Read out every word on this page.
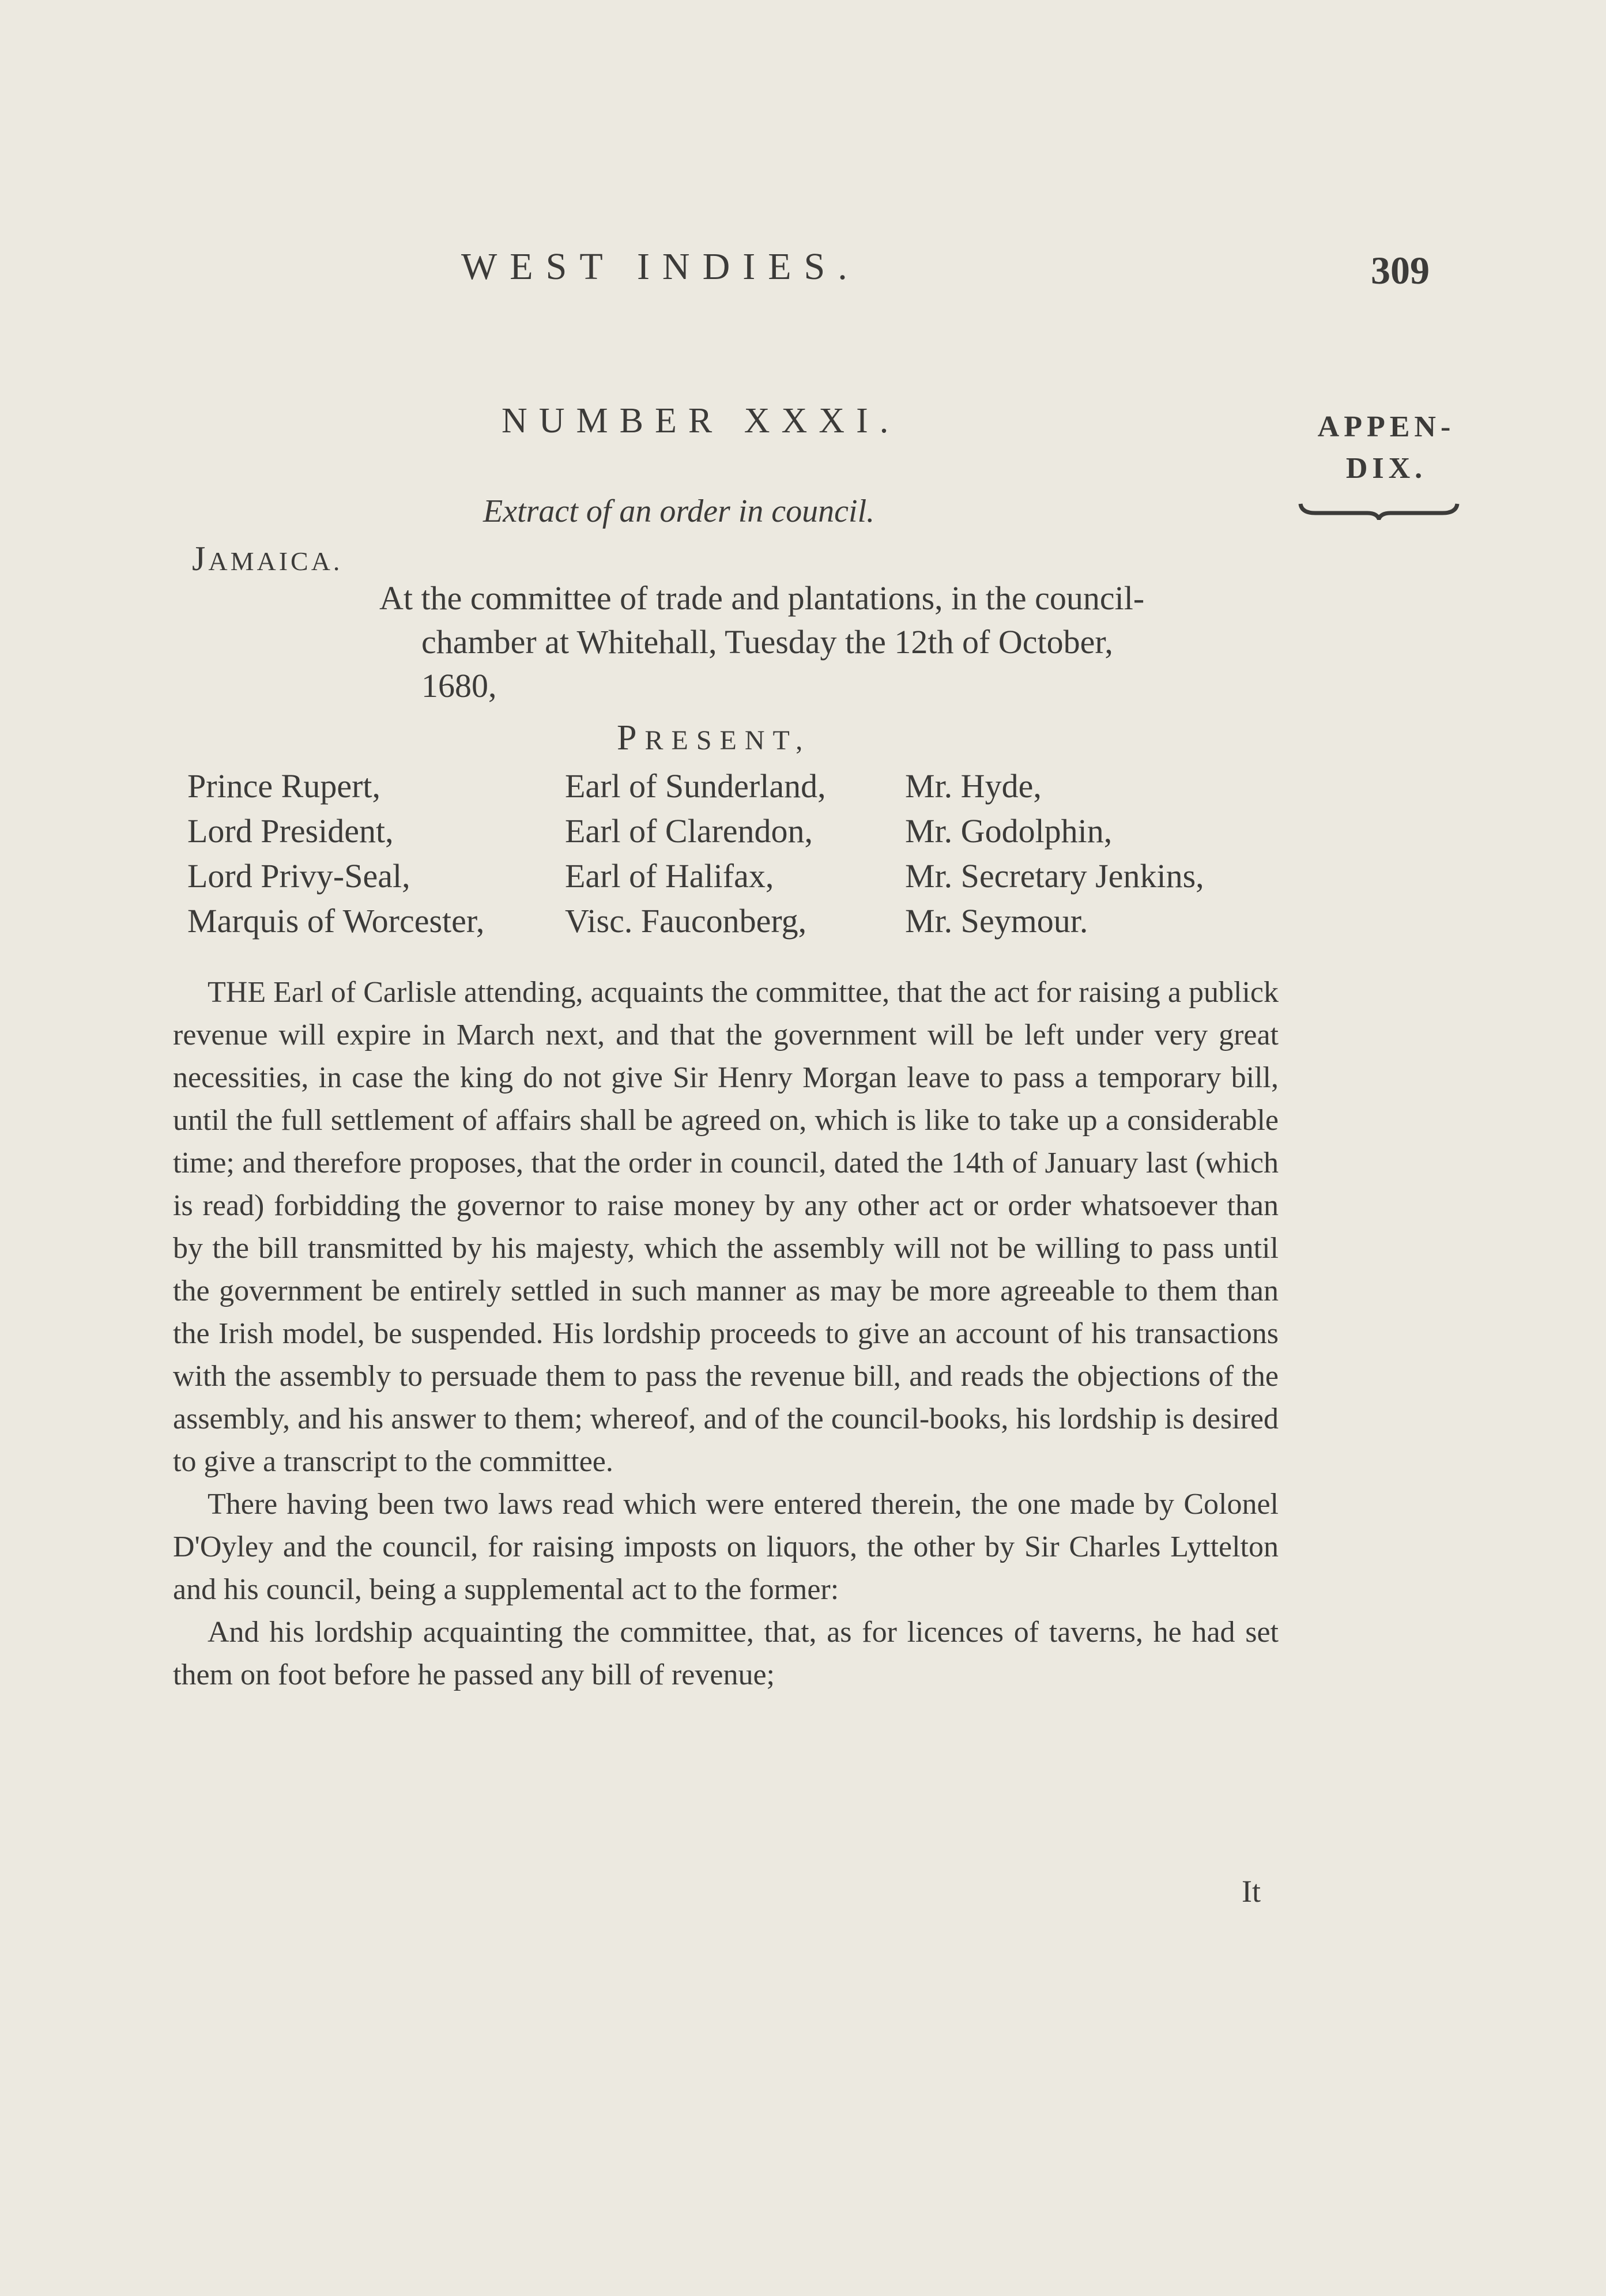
WEST INDIES.	309
NUMBER XXXI.	APPEN- DIX.
Extract of an order in council.
JAMAICA.
At the committee of trade and plantations, in the council-
chamber at Whitehall, Tuesday the 12th of October,
1680,
PRESENT,
Prince Rupert,
Lord President,
Lord Privy-Seal,
Marquis of Worcester,
Earl of Sunderland,
Earl of Clarendon,
Earl of Halifax,
Visc. Fauconberg,
Mr. Hyde,
Mr. Godolphin,
Mr. Secretary Jenkins,
Mr. Seymour.

THE Earl of Carlisle attending, acquaints the committee, that the act for raising a publick revenue will expire in March next, and that the government will be left under very great necessities, in case the king do not give Sir Henry Morgan leave to pass a temporary bill, until the full settlement of affairs shall be agreed on, which is like to take up a considerable time; and therefore proposes, that the order in council, dated the 14th of January last (which is read) forbidding the governor to raise money by any other act or order whatsoever than by the bill transmitted by his majesty, which the assembly will not be willing to pass until the government be entirely settled in such manner as may be more agreeable to them than the Irish model, be suspended. His lordship proceeds to give an account of his transactions with the assembly to persuade them to pass the revenue bill, and reads the objections of the assembly, and his answer to them; whereof, and of the council-books, his lordship is desired to give a transcript to the committee.

There having been two laws read which were entered therein, the one made by Colonel D'Oyley and the council, for raising imposts on liquors, the other by Sir Charles Lyttelton and his council, being a supplemental act to the former:

And his lordship acquainting the committee, that, as for licences of taverns, he had set them on foot before he passed any bill of revenue;

It
